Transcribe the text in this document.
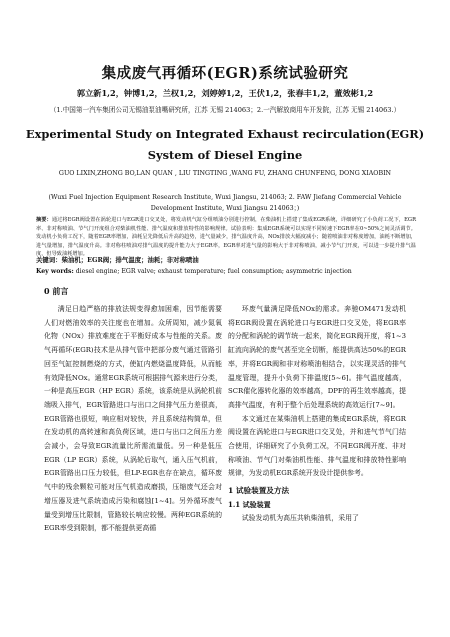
集成废气再循环(EGR)系统试验研究
郭立新1,2，钟博1,2，兰权1,2，刘婷婷1,2，王伏1,2，张春丰1,2，董效彬1,2
（1.中国第一汽车集团公司无锡油泵油嘴研究所，江苏 无锡 214063；2.一汽解放商用车开发院，江苏 无锡 214063.）
Experimental Study on Integrated Exhaust recirculation(EGR)
System of Diesel Engine
GUO LIXIN,ZHONG BO,LAN QUAN , LIU TINGTING ,WANG FU, ZHANG CHUNFENG, DONG XIAOBIN
(Wuxi Fuel Injection Equipment Research Institute, Wuxi Jiangsu, 214063; 2. FAW Jiefang Commercial Vehicle Development Institute, Wuxi Jiangsu 214063；)
摘要：通过将EGR阀设置在涡轮进口与EGR进口交叉处，将发动机气缸分组喷油分别进行控制，在柴油机上搭建了集成EGR系统，详细研究了小负荷工况下，EGR率、非对称喷油、节气门开度组合对柴油机性能、排气温度和排放特性的影响规律。试验表明：集成EGR系统可以实现不同转速下EGR率在0~50%之间灵活调节。发动机小负荷工况下，随着EGR率增加，油耗呈先降低后升高的趋势，进气量减少，排气温度升高，NOx排放大幅度减小；随着喷油非对称度增加，油耗不断增加，进气量增加，排气温度升高。非对称柱喷油对排气温度的提升能力大于EGR率，EGR率对进气量的影响大于非对称喷油，减小节气门开度，可以进一步提升排气温度，但导致油耗增加。
关键词：柴油机；EGR阀；排气温度；油耗；非对称喷油
Key words: diesel engine; EGR valve; exhaust temperature; fuel consumption; asymmetric injection
0 前言

满足日趋严格的排放法规变得愈加困难，因节能需要人们对燃油效率的关注度也在增加。众所周知，减少氮氧化物（NOx）排放难度在于平衡好成本与性能的关系。废气再循环(EGR)技术是从排气管中把部分废气通过管路引回至气缸控制燃烧的方式，使缸内燃烧温度降低，从而能有效降低NOx。通常EGR系统可根据排气源来进行分类，一种是高压EGR（HP EGR）系统，该系统是从涡轮机前端吸入排气，EGR管路进口与出口之间排气压力差很高，EGR管路也很短，响应相对较快，并且系统结构简单，但在发动机的高转速和高负荷区域，进口与出口之间压力差会减小，会导致EGR流量比所需流量低。另一种是低压EGR（LP EGR）系统，从涡轮后取气，通入压气机前，EGR管路出口压力较低，但LP-EGR也存在缺点，循环废气中的残余颗粒可能对压气机造成磨损，压缩废气还会对增压器及进气系统造成污染和腐蚀[1~4]。另外循环废气量受到增压比限制，管路较长响应较慢。两种EGR系统的EGR率受到限制，都不能提供更高循

环废气量满足降低NOx的需求。奔驰OM471发动机将EGR阀设置在涡轮进口与EGR进口交叉处，将EGR率的分配和涡轮的调节统一起来，简化EGR阀开度，将1~3缸流向涡轮的废气甚至完全切断，能提供高达50%的EGR率，并将EGR阀和非对称喷油相结合，以实现灵活的排气温度管理，提升小负荷下排温度[5~6]。排气温度越高，SCR催化器转化器的效率越高，DPF的再生效率越高，提高排气温度，有利于整个后处理系统的高效运行[7~9]。

本文通过在某柴油机上搭建的集成EGR系统，将EGR阀设置在涡轮进口与EGR进口交叉处，并和进气节气门结合使用，详细研究了小负荷工况，不同EGR阀开度、非对称喷油、节气门对柴油机性能、排气温度和排放特性影响规律，为发动机EGR系统开发设计提供参考。

1 试验装置及方法
1.1 试验装置

试验发动机为高压共轨柴油机，采用了
